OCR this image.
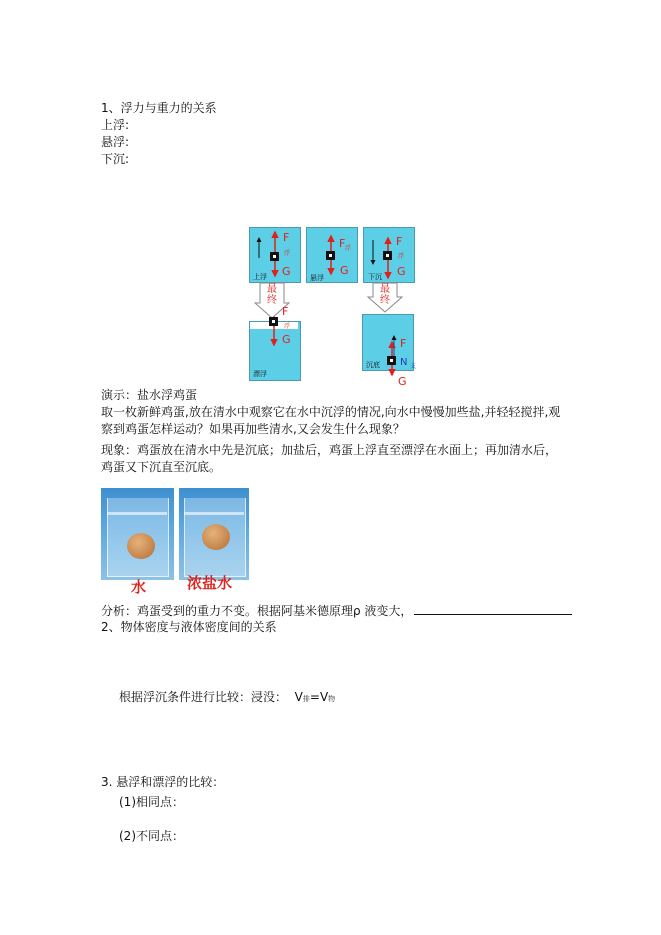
1、浮力与重力的关系
上浮:
悬浮:
下沉:
F
浮
G
F 浮
G
F
浮
G
F
浮
G	F
N 支
G
上浮	悬浮	下沉
漂浮
沉底
最终
最终
演示：盐水浮鸡蛋
取一枚新鲜鸡蛋,放在清水中观察它在水中沉浮的情况,向水中慢慢加些盐,并轻轻搅拌,观察到鸡蛋怎样运动？如果再加些清水,又会发生什么现象？
现象：鸡蛋放在清水中先是沉底；加盐后，鸡蛋上浮直至漂浮在水面上；再加清水后，鸡蛋又下沉直至沉底。
水	浓盐水
分析：鸡蛋受到的重力不变。根据阿基米德原理ρ 液变大，
2、物体密度与液体密度间的关系
根据浮沉条件进行比较：浸没： V排=V物
3. 悬浮和漂浮的比较：
(1)相同点：
(2)不同点：
